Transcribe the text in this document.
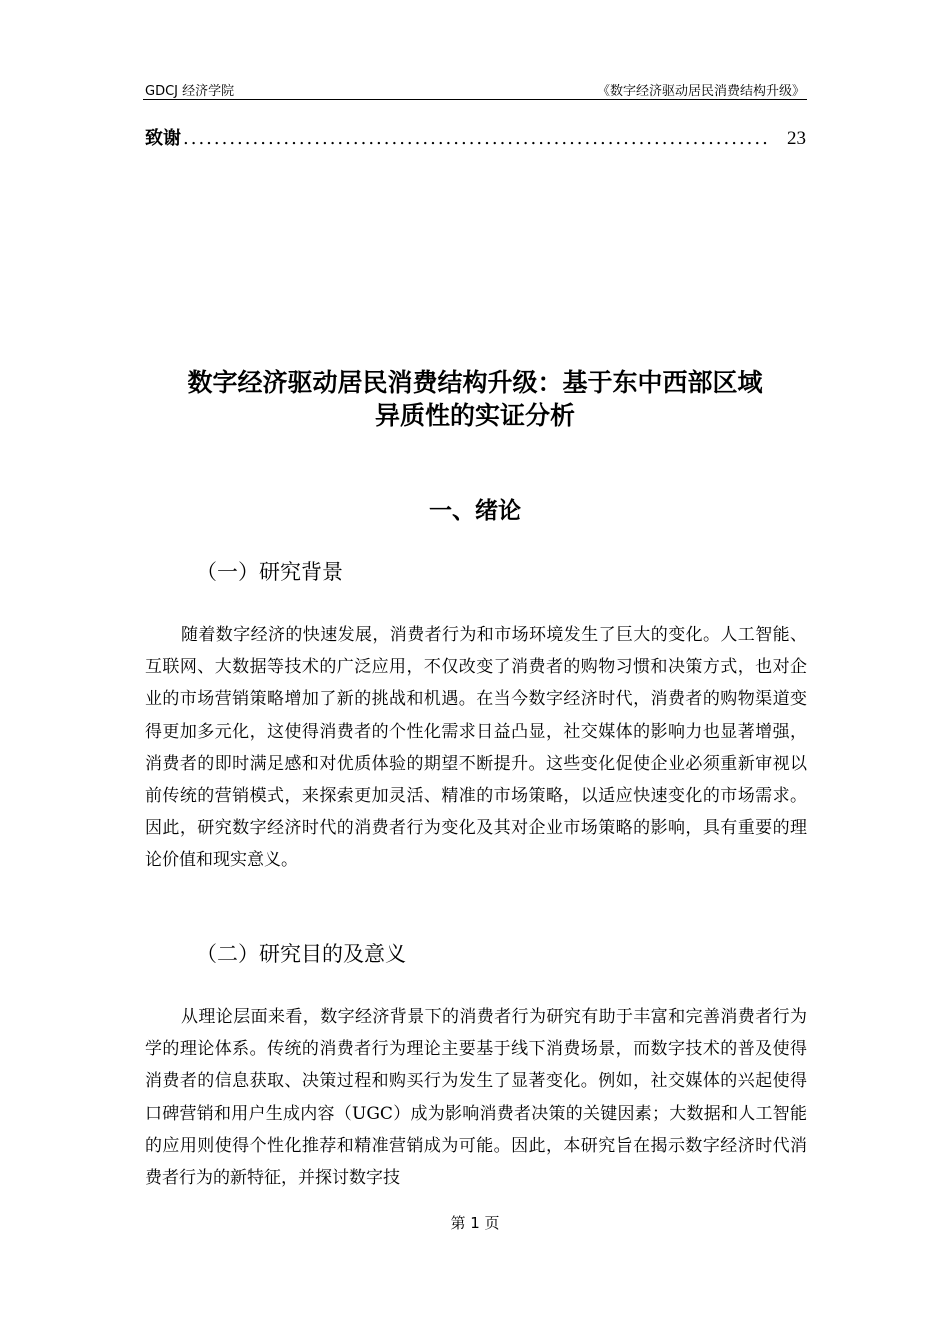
GDCJ 经济学院	《数字经济驱动居民消费结构升级》
致谢 ............................................................................ 23
数字经济驱动居民消费结构升级：基于东中西部区域
异质性的实证分析
一、绪论
（一）研究背景

随着数字经济的快速发展，消费者行为和市场环境发生了巨大的变化。人工智能、互联网、大数据等技术的广泛应用，不仅改变了消费者的购物习惯和决策方式，也对企业的市场营销策略增加了新的挑战和机遇。在当今数字经济时代，消费者的购物渠道变得更加多元化，这使得消费者的个性化需求日益凸显，社交媒体的影响力也显著增强，消费者的即时满足感和对优质体验的期望不断提升。这些变化促使企业必须重新审视以前传统的营销模式，来探索更加灵活、精准的市场策略，以适应快速变化的市场需求。因此，研究数字经济时代的消费者行为变化及其对企业市场策略的影响，具有重要的理论价值和现实意义。

（二）研究目的及意义

从理论层面来看，数字经济背景下的消费者行为研究有助于丰富和完善消费者行为学的理论体系。传统的消费者行为理论主要基于线下消费场景，而数字技术的普及使得消费者的信息获取、决策过程和购买行为发生了显著变化。例如，社交媒体的兴起使得口碑营销和用户生成内容（UGC）成为影响消费者决策的关键因素；大数据和人工智能的应用则使得个性化推荐和精准营销成为可能。因此，本研究旨在揭示数字经济时代消费者行为的新特征，并探讨数字技

第 1 页
